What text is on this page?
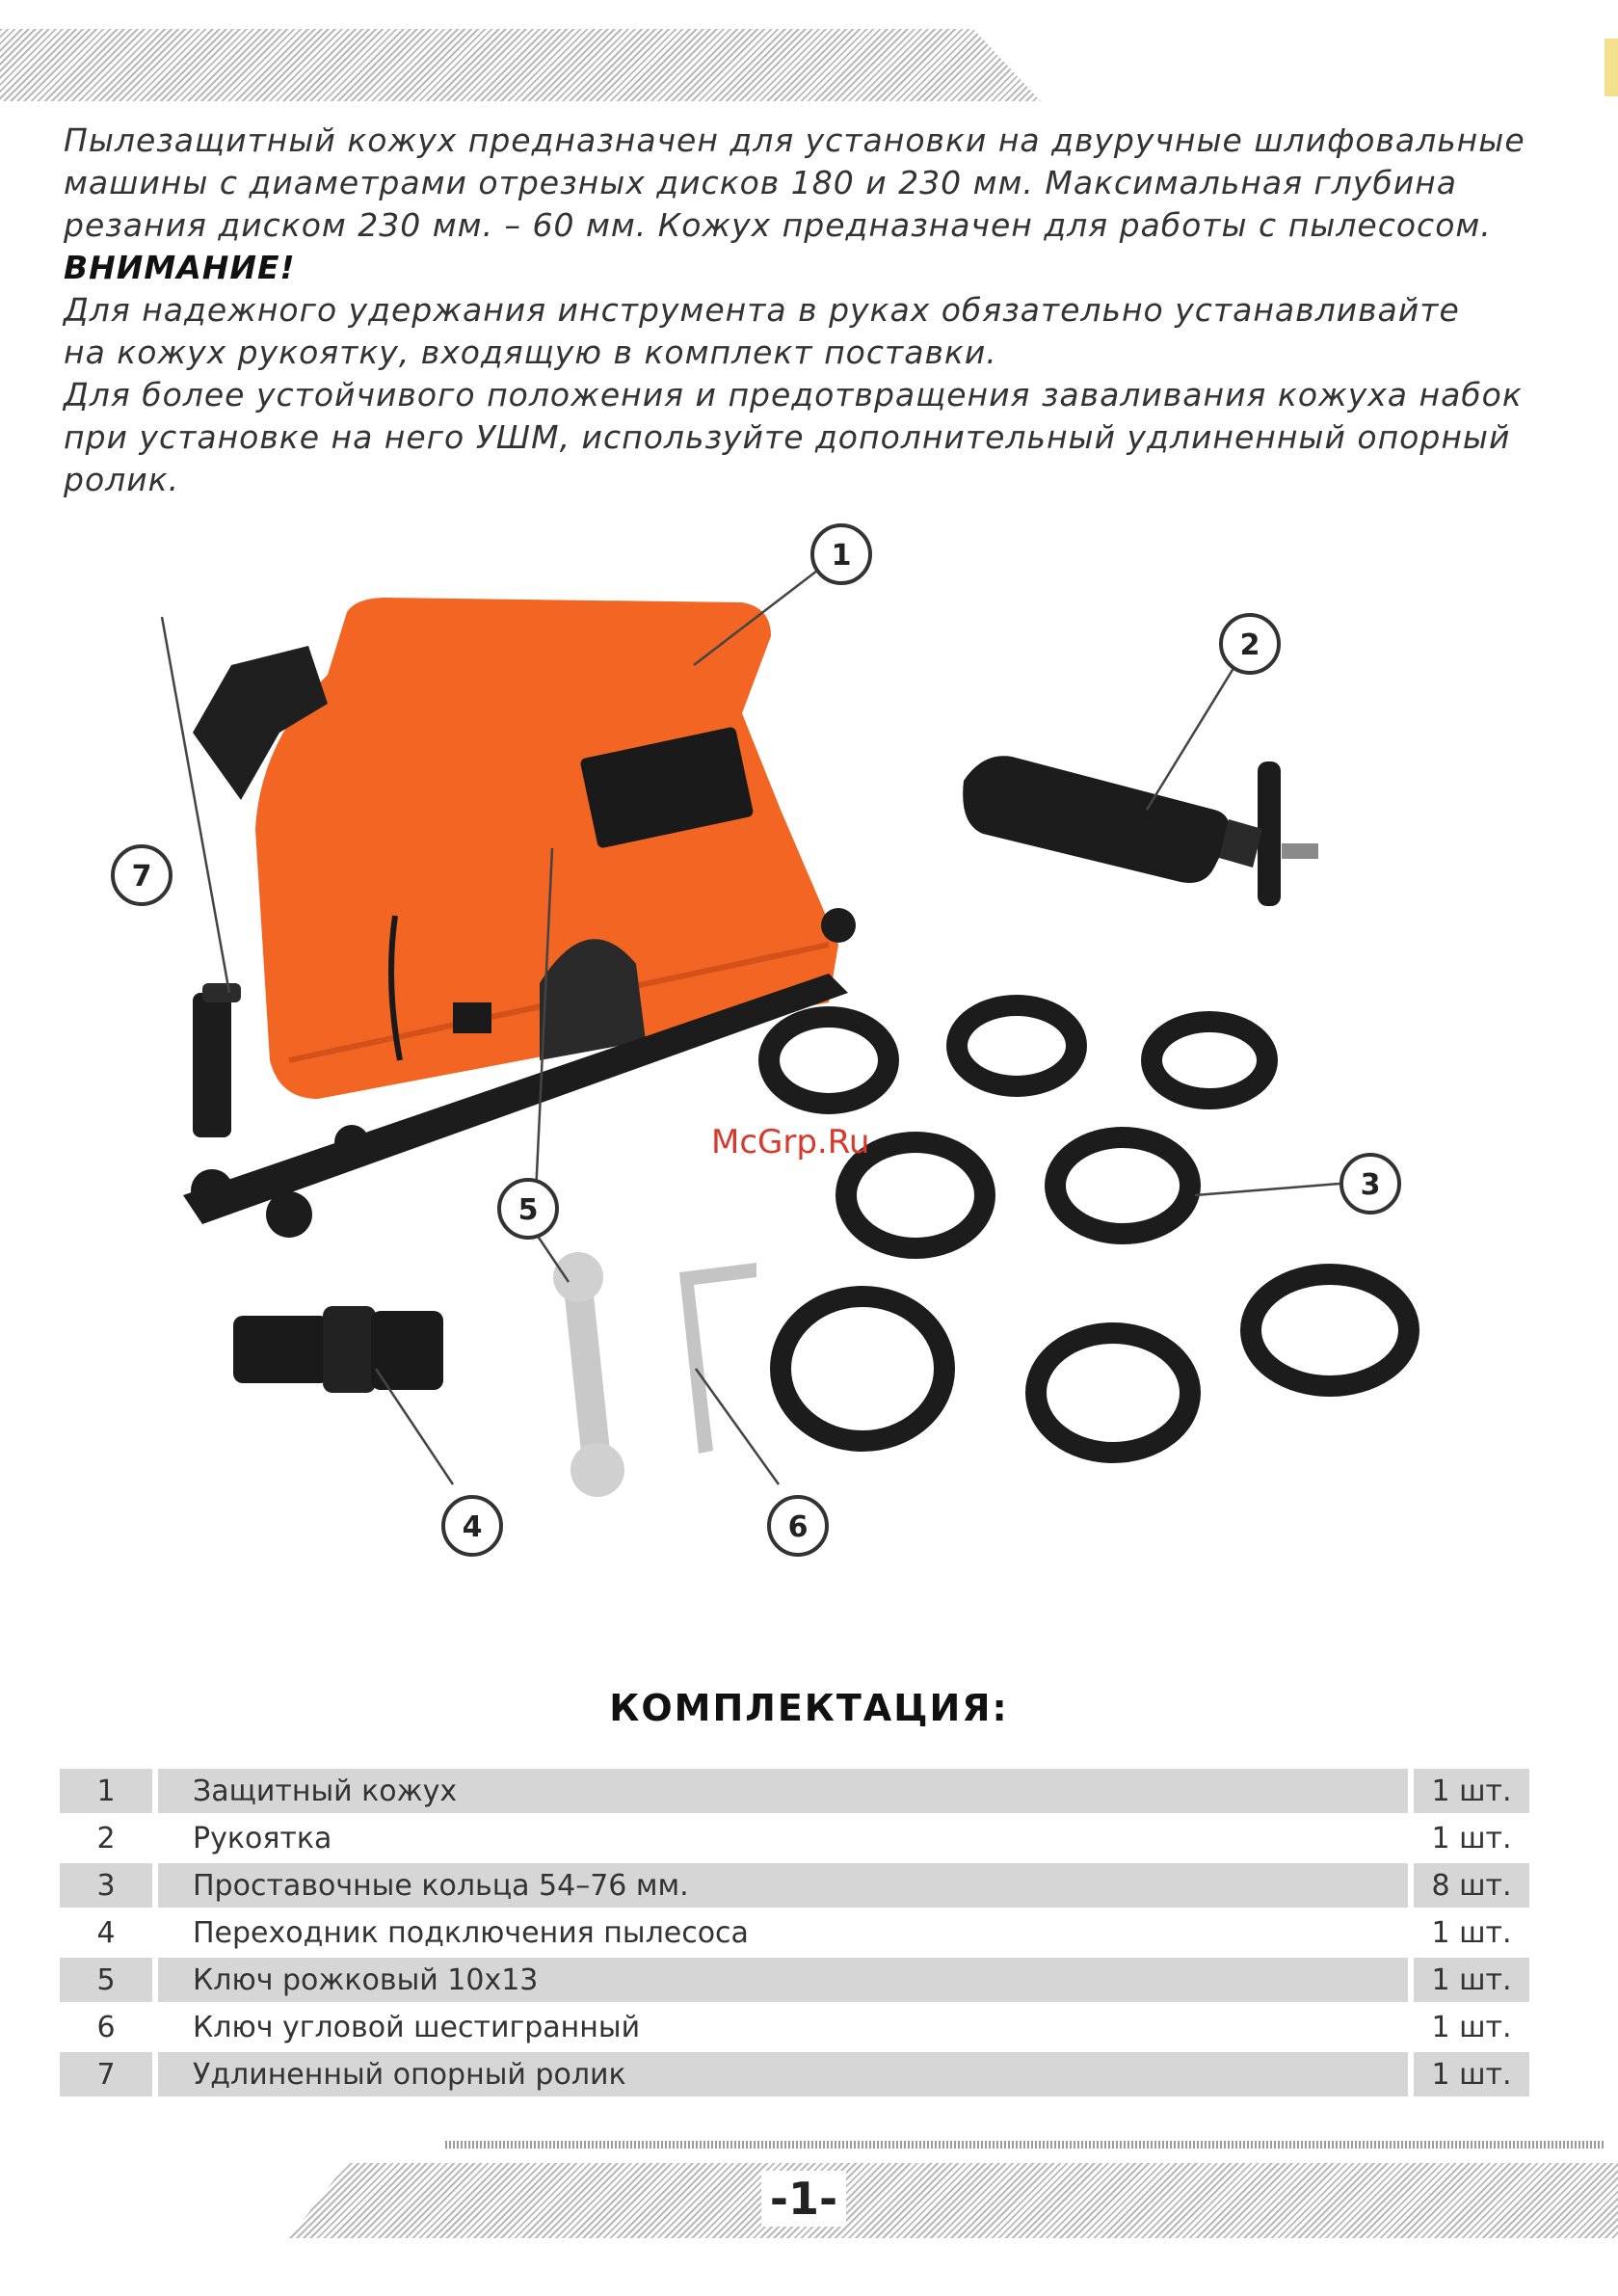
Пылезащитный кожух предназначен для установки на двуручные шлифовальные

машины с диаметрами отрезных дисков 180 и 230 мм. Максимальная глубина

резания диском 230 мм. – 60 мм. Кожух предназначен для работы с пылесосом.

ВНИМАНИЕ!

Для надежного удержания инструмента в руках обязательно устанавливайте

на кожух рукоятку, входящую в комплект поставки.

Для более устойчивого положения и предотвращения заваливания кожуха набок

при установке на него УШМ, используйте дополнительный удлиненный опорный

ролик.

1
2
3
4
5
6
7
McGrp.Ru
КОМПЛЕКТАЦИЯ:
1	Защитный кожух	1 шт.
2	Рукоятка	1 шт.
3	Проставочные кольца 54–76 мм.	8 шт.
4	Переходник подключения пылесоса	1 шт.
5	Ключ рожковый 10х13	1 шт.
6	Ключ угловой шестигранный	1 шт.
7	Удлиненный опорный ролик	1 шт.
-1-
